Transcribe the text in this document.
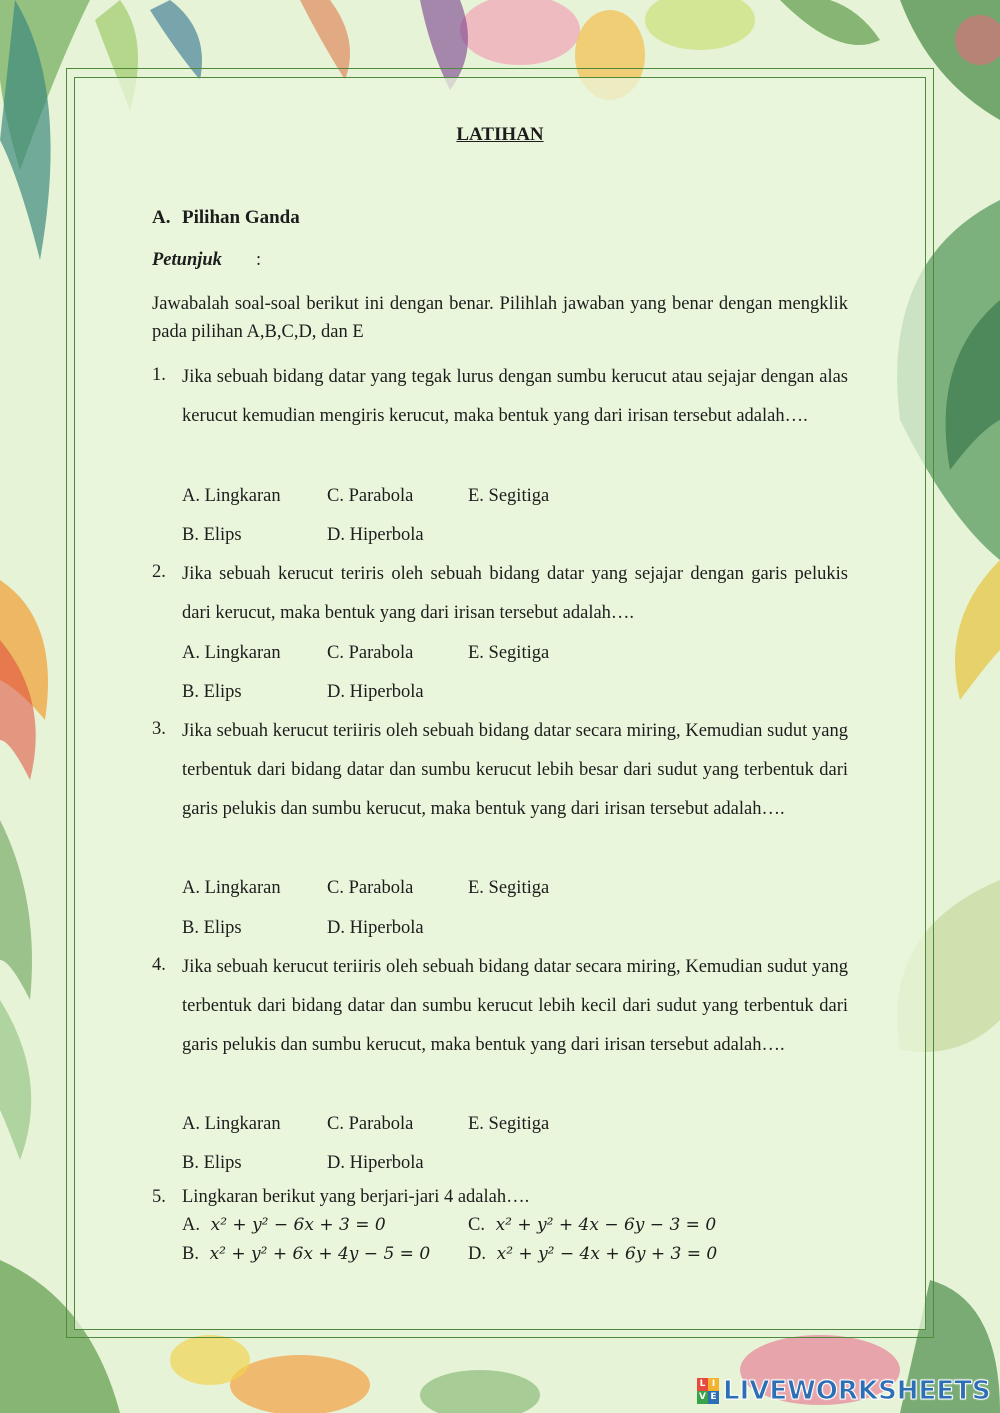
LATIHAN
A. Pilihan Ganda
Petunjuk :
Jawabalah soal-soal berikut ini dengan benar. Pilihlah jawaban yang benar dengan mengklik pada pilihan A,B,C,D, dan E
1. Jika sebuah bidang datar yang tegak lurus dengan sumbu kerucut atau sejajar dengan alas kerucut kemudian mengiris kerucut, maka bentuk yang dari irisan tersebut adalah….
A. Lingkaran	C. Parabola	E. Segitiga
B. Elips	D. Hiperbola
2. Jika sebuah kerucut teriris oleh sebuah bidang datar yang sejajar dengan garis pelukis dari kerucut, maka bentuk yang dari irisan tersebut adalah….
A. Lingkaran	C. Parabola	E. Segitiga
B. Elips	D. Hiperbola
3. Jika sebuah kerucut teriiris oleh sebuah bidang datar secara miring, Kemudian sudut yang terbentuk dari bidang datar dan sumbu kerucut lebih besar dari sudut yang terbentuk dari garis pelukis dan sumbu kerucut, maka bentuk yang dari irisan tersebut adalah….
A. Lingkaran	C. Parabola	E. Segitiga
B. Elips	D. Hiperbola
4. Jika sebuah kerucut teriiris oleh sebuah bidang datar secara miring, Kemudian sudut yang terbentuk dari bidang datar dan sumbu kerucut lebih kecil dari sudut yang terbentuk dari garis pelukis dan sumbu kerucut, maka bentuk yang dari irisan tersebut adalah….
A. Lingkaran	C. Parabola	E. Segitiga
B. Elips	D. Hiperbola
5. Lingkaran berikut yang berjari-jari 4 adalah….
A. x² + y² − 6x + 3 = 0	C. x² + y² + 4x − 6y − 3 = 0
B. x² + y² + 6x + 4y − 5 = 0 D. x² + y² − 4x + 6y + 3 = 0
L I
V E LIVEWORKSHEETS
